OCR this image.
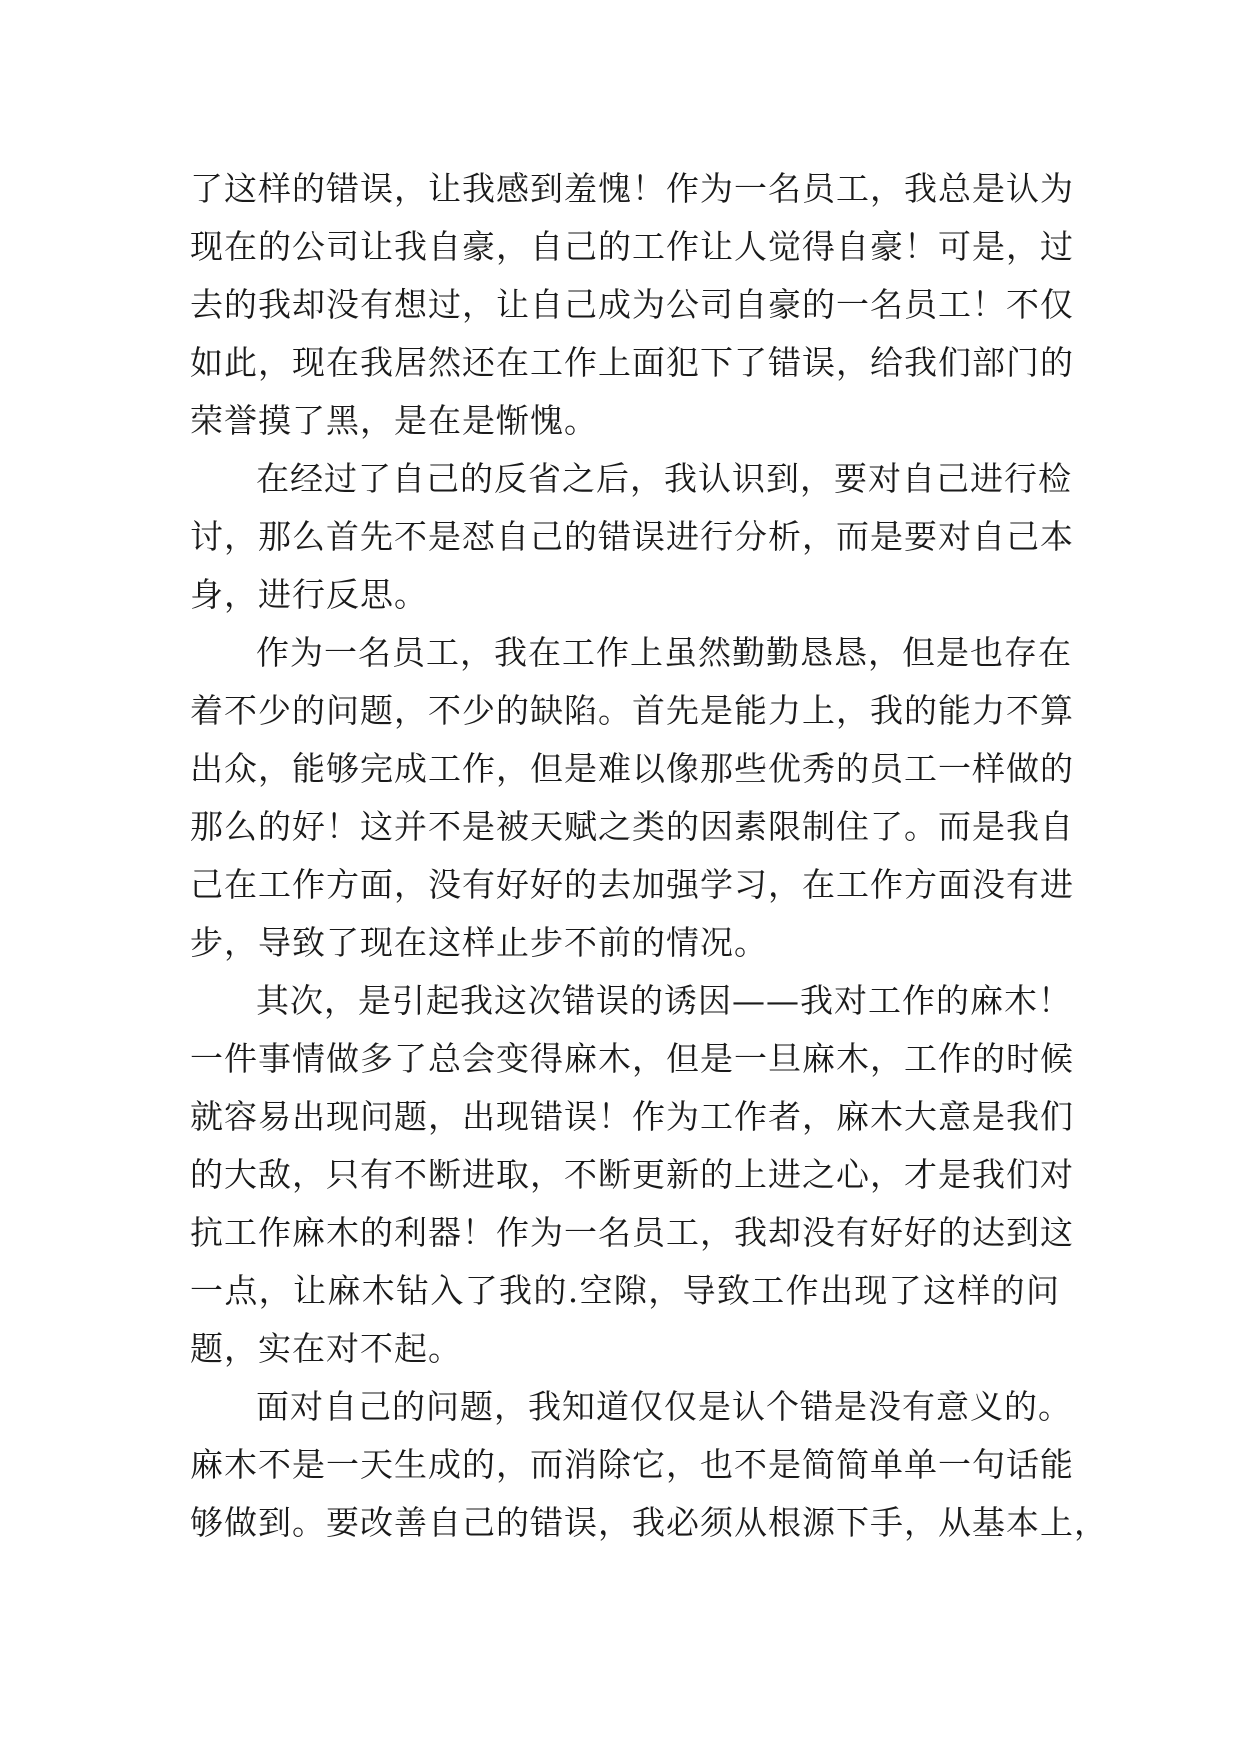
了这样的错误，让我感到羞愧！作为一名员工，我总是认为
现在的公司让我自豪，自己的工作让人觉得自豪！可是，过
去的我却没有想过，让自己成为公司自豪的一名员工！不仅
如此，现在我居然还在工作上面犯下了错误，给我们部门的
荣誉摸了黑，是在是惭愧。
在经过了自己的反省之后，我认识到，要对自己进行检
讨，那么首先不是怼自己的错误进行分析，而是要对自己本
身，进行反思。
作为一名员工，我在工作上虽然勤勤恳恳，但是也存在
着不少的问题，不少的缺陷。首先是能力上，我的能力不算
出众，能够完成工作，但是难以像那些优秀的员工一样做的
那么的好！这并不是被天赋之类的因素限制住了。而是我自
己在工作方面，没有好好的去加强学习，在工作方面没有进
步，导致了现在这样止步不前的情况。
其次，是引起我这次错误的诱因——我对工作的麻木！
一件事情做多了总会变得麻木，但是一旦麻木，工作的时候
就容易出现问题，出现错误！作为工作者，麻木大意是我们
的大敌，只有不断进取，不断更新的上进之心，才是我们对
抗工作麻木的利器！作为一名员工，我却没有好好的达到这
一点，让麻木钻入了我的.空隙，导致工作出现了这样的问
题，实在对不起。
面对自己的问题，我知道仅仅是认个错是没有意义的。
麻木不是一天生成的，而消除它，也不是简简单单一句话能
够做到。要改善自己的错误，我必须从根源下手，从基本上，
